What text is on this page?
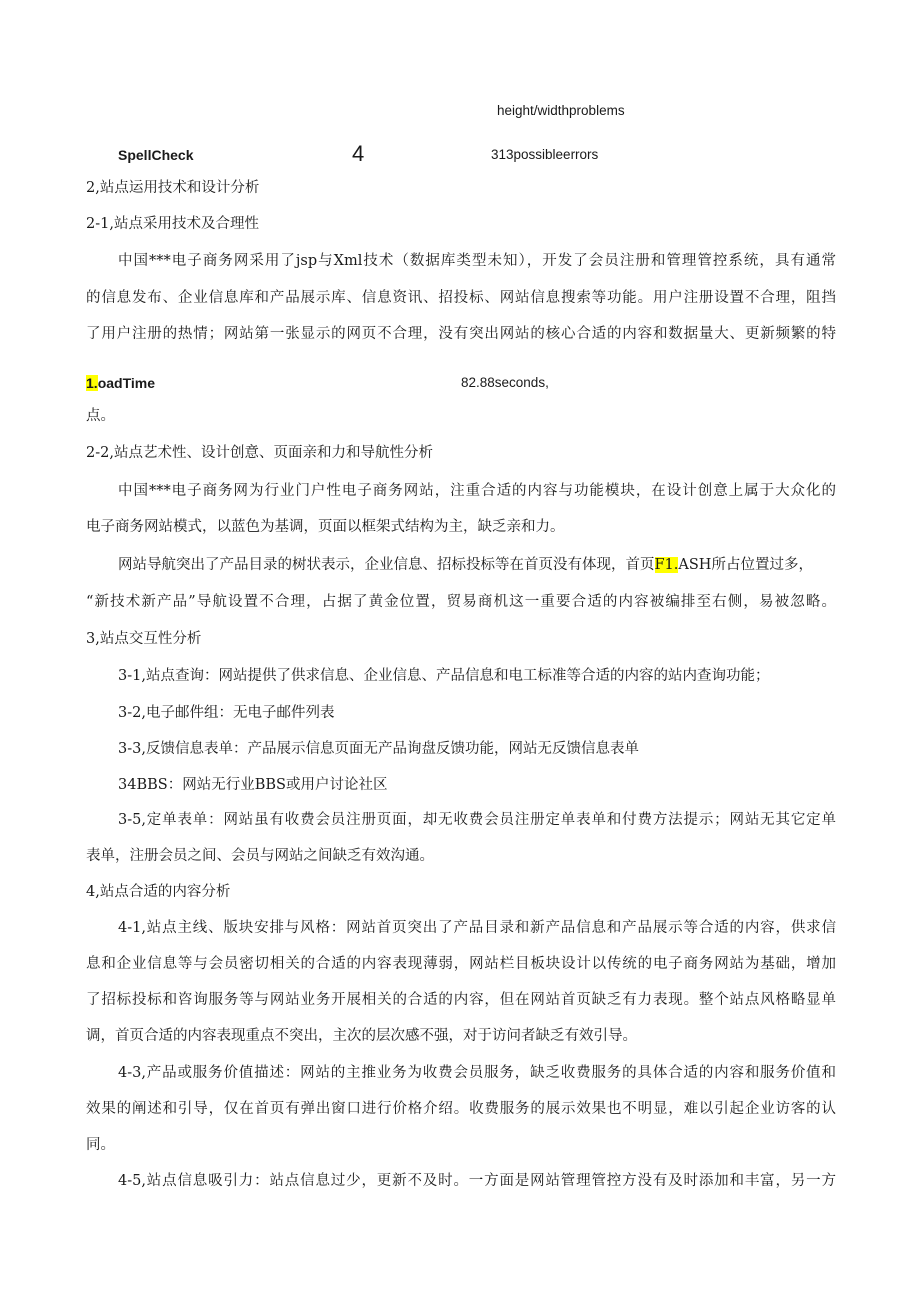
height/widthproblems
SpellCheck	4	313possibleerrors
2,站点运用技术和设计分析
2-1,站点采用技术及合理性
中国***电子商务网采用了jsp与Xml技术（数据库类型未知），开发了会员注册和管理管控系统，具有通常
的信息发布、企业信息库和产品展示库、信息资讯、招投标、网站信息搜索等功能。用户注册设置不合理，阻挡
了用户注册的热情；网站第一张显示的网页不合理，没有突出网站的核心合适的内容和数据量大、更新频繁的特
1.oadTime	82.88seconds,
点。
2-2,站点艺术性、设计创意、页面亲和力和导航性分析
中国***电子商务网为行业门户性电子商务网站，注重合适的内容与功能模块，在设计创意上属于大众化的
电子商务网站模式，以蓝色为基调，页面以框架式结构为主，缺乏亲和力。
网站导航突出了产品目录的树状表示，企业信息、招标投标等在首页没有体现，首页F1.ASH所占位置过多，
“新技术新产品”导航设置不合理，占据了黄金位置，贸易商机这一重要合适的内容被编排至右侧，易被忽略。
3,站点交互性分析
3-1,站点查询：网站提供了供求信息、企业信息、产品信息和电工标准等合适的内容的站内查询功能；
3-2,电子邮件组：无电子邮件列表
3-3,反馈信息表单：产品展示信息页面无产品询盘反馈功能，网站无反馈信息表单
34BBS：网站无行业BBS或用户讨论社区
3-5,定单表单：网站虽有收费会员注册页面，却无收费会员注册定单表单和付费方法提示；网站无其它定单
表单，注册会员之间、会员与网站之间缺乏有效沟通。
4,站点合适的内容分析
4-1,站点主线、版块安排与风格：网站首页突出了产品目录和新产品信息和产品展示等合适的内容，供求信
息和企业信息等与会员密切相关的合适的内容表现薄弱，网站栏目板块设计以传统的电子商务网站为基础，增加
了招标投标和咨询服务等与网站业务开展相关的合适的内容，但在网站首页缺乏有力表现。整个站点风格略显单
调，首页合适的内容表现重点不突出，主次的层次感不强，对于访问者缺乏有效引导。
4-3,产品或服务价值描述：网站的主推业务为收费会员服务，缺乏收费服务的具体合适的内容和服务价值和
效果的阐述和引导，仅在首页有弹出窗口进行价格介绍。收费服务的展示效果也不明显，难以引起企业访客的认
同。
4-5,站点信息吸引力：站点信息过少，更新不及时。一方面是网站管理管控方没有及时添加和丰富，另一方
